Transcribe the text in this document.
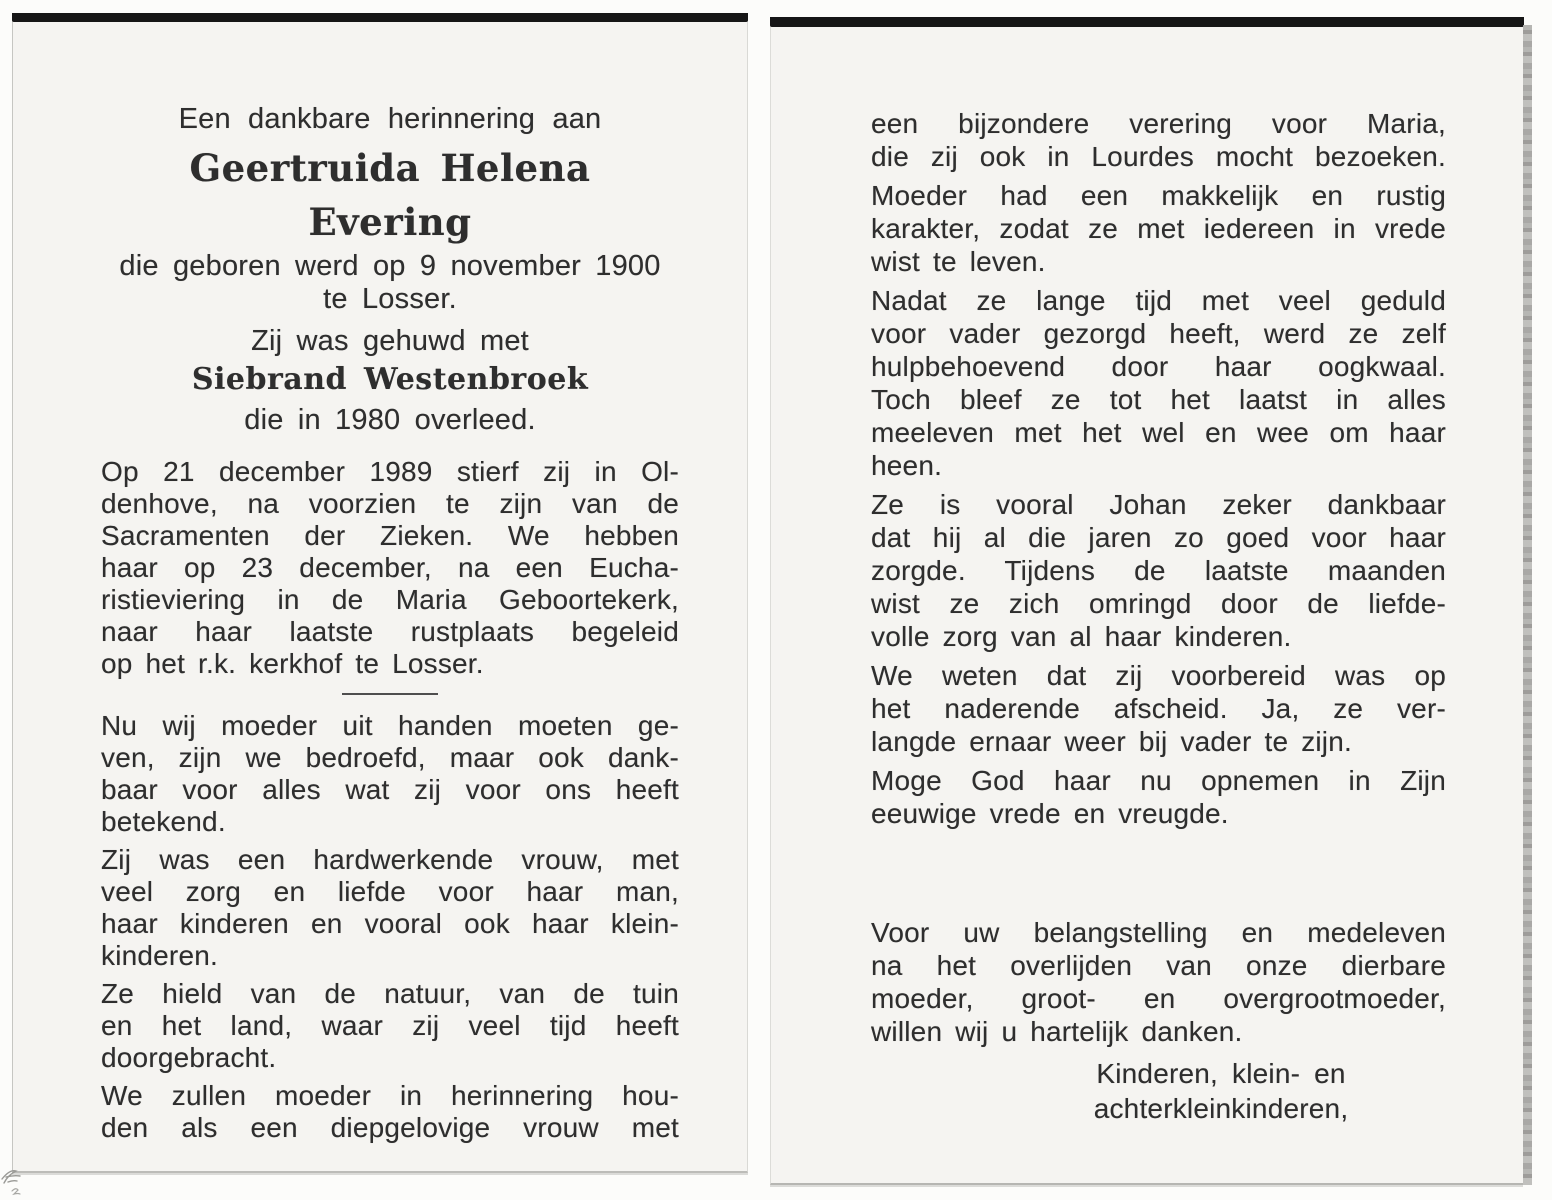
Een dankbare herinnering aan
Geertruida Helena Evering
die geboren werd op 9 november 1900
te Losser.
Zij was gehuwd met
Siebrand Westenbroek
die in 1980 overleed.
Op 21 december 1989 stierf zij in Ol-
denhove, na voorzien te zijn van de
Sacramenten der Zieken. We hebben
haar op 23 december, na een Eucha-
ristieviering in de Maria Geboortekerk,
naar haar laatste rustplaats begeleid
op het r.k. kerkhof te Losser.
Nu wij moeder uit handen moeten ge-
ven, zijn we bedroefd, maar ook dank-
baar voor alles wat zij voor ons heeft
betekend.
Zij was een hardwerkende vrouw, met
veel zorg en liefde voor haar man,
haar kinderen en vooral ook haar klein-
kinderen.
Ze hield van de natuur, van de tuin
en het land, waar zij veel tijd heeft
doorgebracht.
We zullen moeder in herinnering hou-
den als een diepgelovige vrouw met
een bijzondere verering voor Maria,
die zij ook in Lourdes mocht bezoeken.
Moeder had een makkelijk en rustig
karakter, zodat ze met iedereen in vrede
wist te leven.
Nadat ze lange tijd met veel geduld
voor vader gezorgd heeft, werd ze zelf
hulpbehoevend door haar oogkwaal.
Toch bleef ze tot het laatst in alles
meeleven met het wel en wee om haar
heen.
Ze is vooral Johan zeker dankbaar
dat hij al die jaren zo goed voor haar
zorgde. Tijdens de laatste maanden
wist ze zich omringd door de liefde-
volle zorg van al haar kinderen.
We weten dat zij voorbereid was op
het naderende afscheid. Ja, ze ver-
langde ernaar weer bij vader te zijn.
Moge God haar nu opnemen in Zijn
eeuwige vrede en vreugde.
Voor uw belangstelling en medeleven
na het overlijden van onze dierbare
moeder, groot- en overgrootmoeder,
willen wij u hartelijk danken.
Kinderen, klein- en
achterkleinkinderen,
